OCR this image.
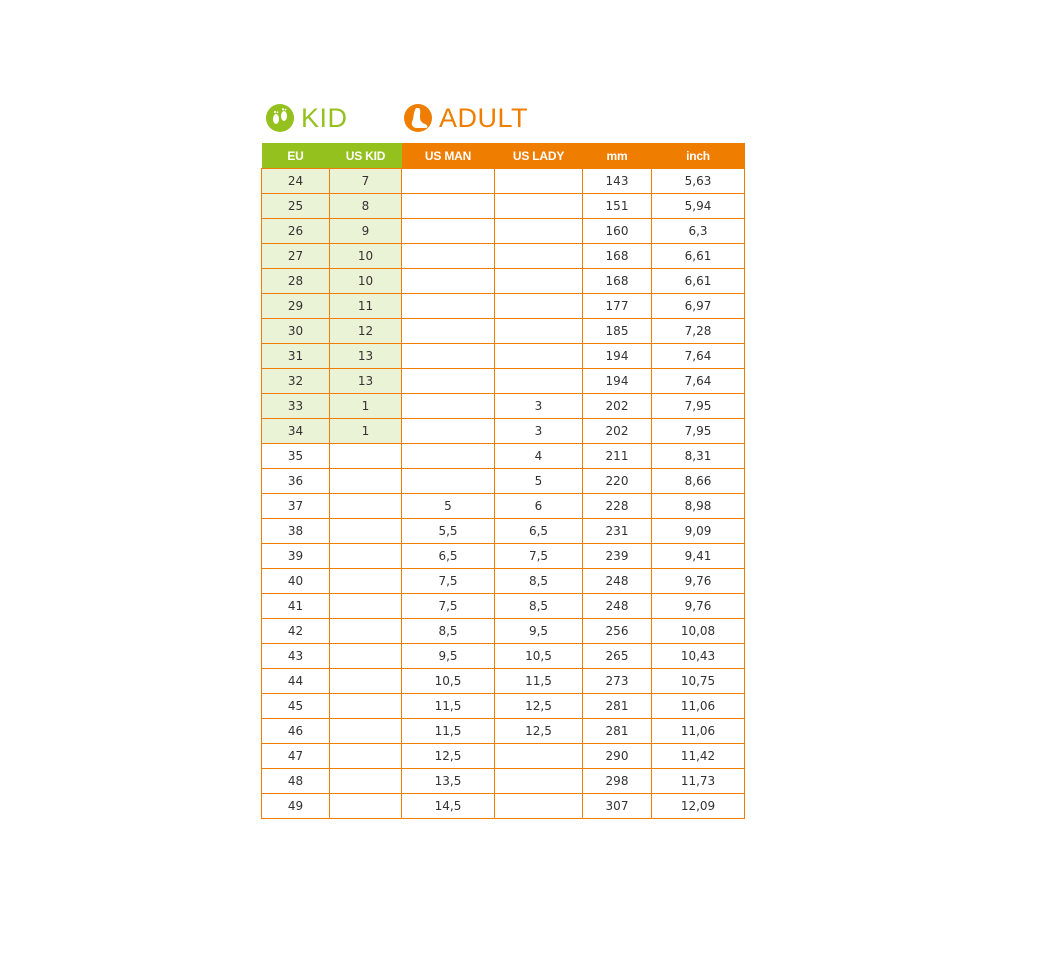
KID	ADULT
EU	US KID	US MAN	US LADY	mm	inch
24	7			143	5,63
25	8			151	5,94
26	9			160	6,3
27	10			168	6,61
28	10			168	6,61
29	11			177	6,97
30	12			185	7,28
31	13			194	7,64
32	13			194	7,64
33	1		3	202	7,95
34	1		3	202	7,95
35			4	211	8,31
36			5	220	8,66
37		5	6	228	8,98
38		5,5	6,5	231	9,09
39		6,5	7,5	239	9,41
40		7,5	8,5	248	9,76
41		7,5	8,5	248	9,76
42		8,5	9,5	256	10,08
43		9,5	10,5	265	10,43
44		10,5	11,5	273	10,75
45		11,5	12,5	281	11,06
46		11,5	12,5	281	11,06
47		12,5		290	11,42
48		13,5		298	11,73
49		14,5		307	12,09
